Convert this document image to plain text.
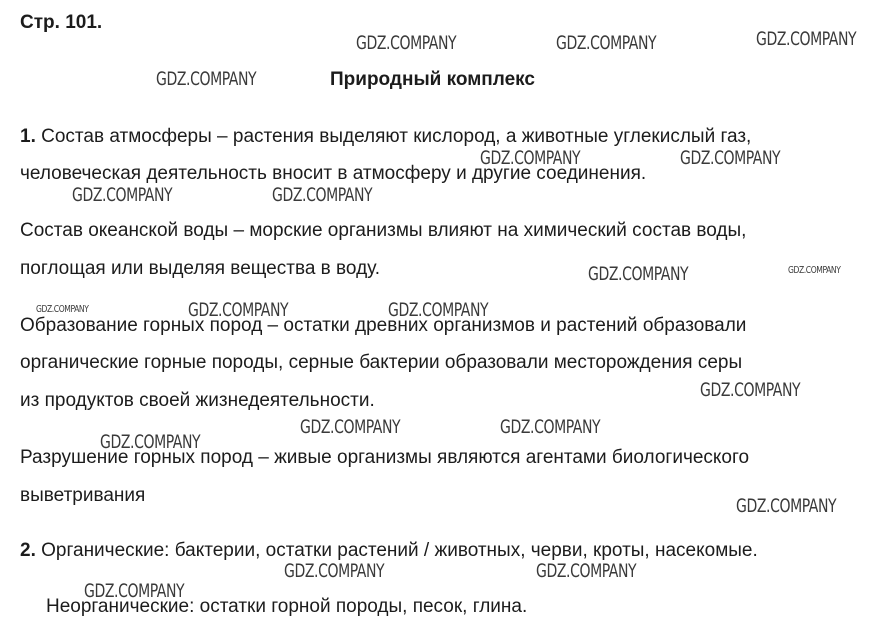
Стр. 101.
Природный комплекс
1. Состав атмосферы – растения выделяют кислород, а животные углекислый газ,
человеческая деятельность вносит в атмосферу и другие соединения.
Состав океанской воды – морские организмы влияют на химический состав воды,
поглощая или выделяя вещества в воду.
Образование горных пород – остатки древних организмов и растений образовали
органические горные породы, серные бактерии образовали месторождения серы
из продуктов своей жизнедеятельности.
Разрушение горных пород – живые организмы являются агентами биологического
выветривания
2. Органические: бактерии, остатки растений / животных, черви, кроты, насекомые.
Неорганические: остатки горной породы, песок, глина.
GDZ.COMPANY	GDZ.COMPANY	GDZ.COMPANY
GDZ.COMPANY
GDZ.COMPANY	GDZ.COMPANY
GDZ.COMPANY	GDZ.COMPANY
GDZ.COMPANY	GDZ.COMPANY
GDZ.COMPANY	GDZ.COMPANY	GDZ.COMPANY
GDZ.COMPANY
GDZ.COMPANY	GDZ.COMPANY
GDZ.COMPANY
GDZ.COMPANY
GDZ.COMPANY	GDZ.COMPANY
GDZ.COMPANY
